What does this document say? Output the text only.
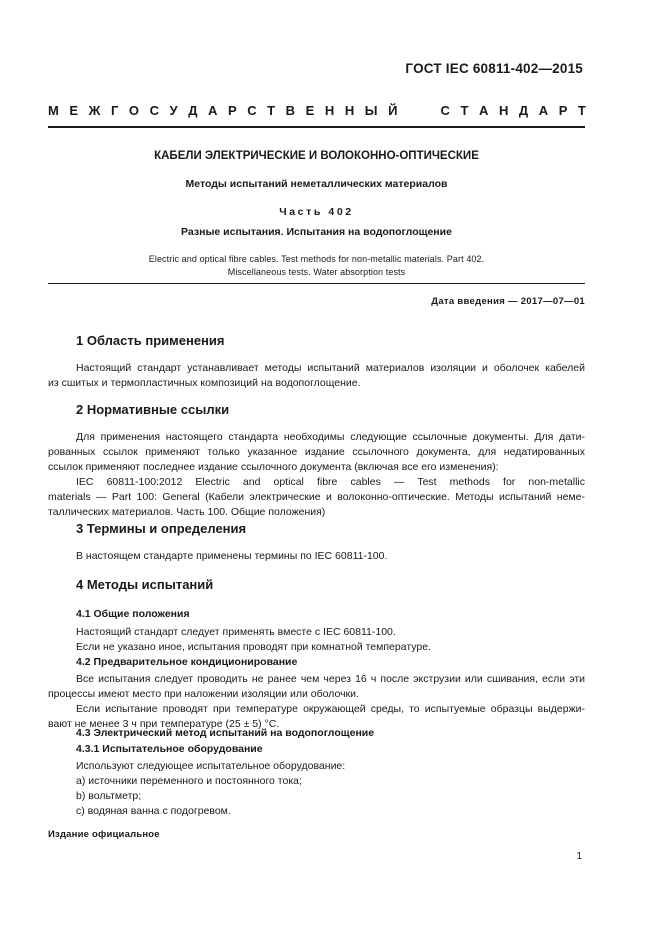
ГОСТ IEC 60811-402—2015
М Е Ж Г О С У Д А Р С Т В Е Н Н Ы Й	С Т А Н Д А Р Т
КАБЕЛИ ЭЛЕКТРИЧЕСКИЕ И ВОЛОКОННО-ОПТИЧЕСКИЕ
Методы испытаний неметаллических материалов
Часть 402
Разные испытания. Испытания на водопоглощение
Electric and optical fibre cables. Test methods for non-metallic materials. Part 402.
Miscellaneous tests. Water absorption tests
Дата введения — 2017—07—01
1 Область применения
Настоящий стандарт устанавливает методы испытаний материалов изоляции и оболочек кабелей
из сшитых и термопластичных композиций на водопоглощение.
2 Нормативные ссылки
Для применения настоящего стандарта необходимы следующие ссылочные документы. Для дати-
рованных ссылок применяют только указанное издание ссылочного документа, для недатированных
ссылок применяют последнее издание ссылочного документа (включая все его изменения):
IEC 60811-100:2012 Electric and optical fibre cables — Test methods for non-metallic
materials — Part 100: General (Кабели электрические и волоконно-оптические. Методы испытаний неме-
таллических материалов. Часть 100. Общие положения)
3 Термины и определения
В настоящем стандарте применены термины по IEC 60811-100.
4 Методы испытаний
4.1 Общие положения
Настоящий стандарт следует применять вместе с IEC 60811-100.
Если не указано иное, испытания проводят при комнатной температуре.
4.2 Предварительное кондиционирование
Все испытания следует проводить не ранее чем через 16 ч после экструзии или сшивания, если эти
процессы имеют место при наложении изоляции или оболочки.
Если испытание проводят при температуре окружающей среды, то испытуемые образцы выдержи-
вают не менее 3 ч при температуре (25 ± 5) °С.
4.3 Электрический метод испытаний на водопоглощение
4.3.1 Испытательное оборудование
Используют следующее испытательное оборудование:
а) источники переменного и постоянного тока;
b) вольтметр;
с) водяная ванна с подогревом.
Издание официальное
1
